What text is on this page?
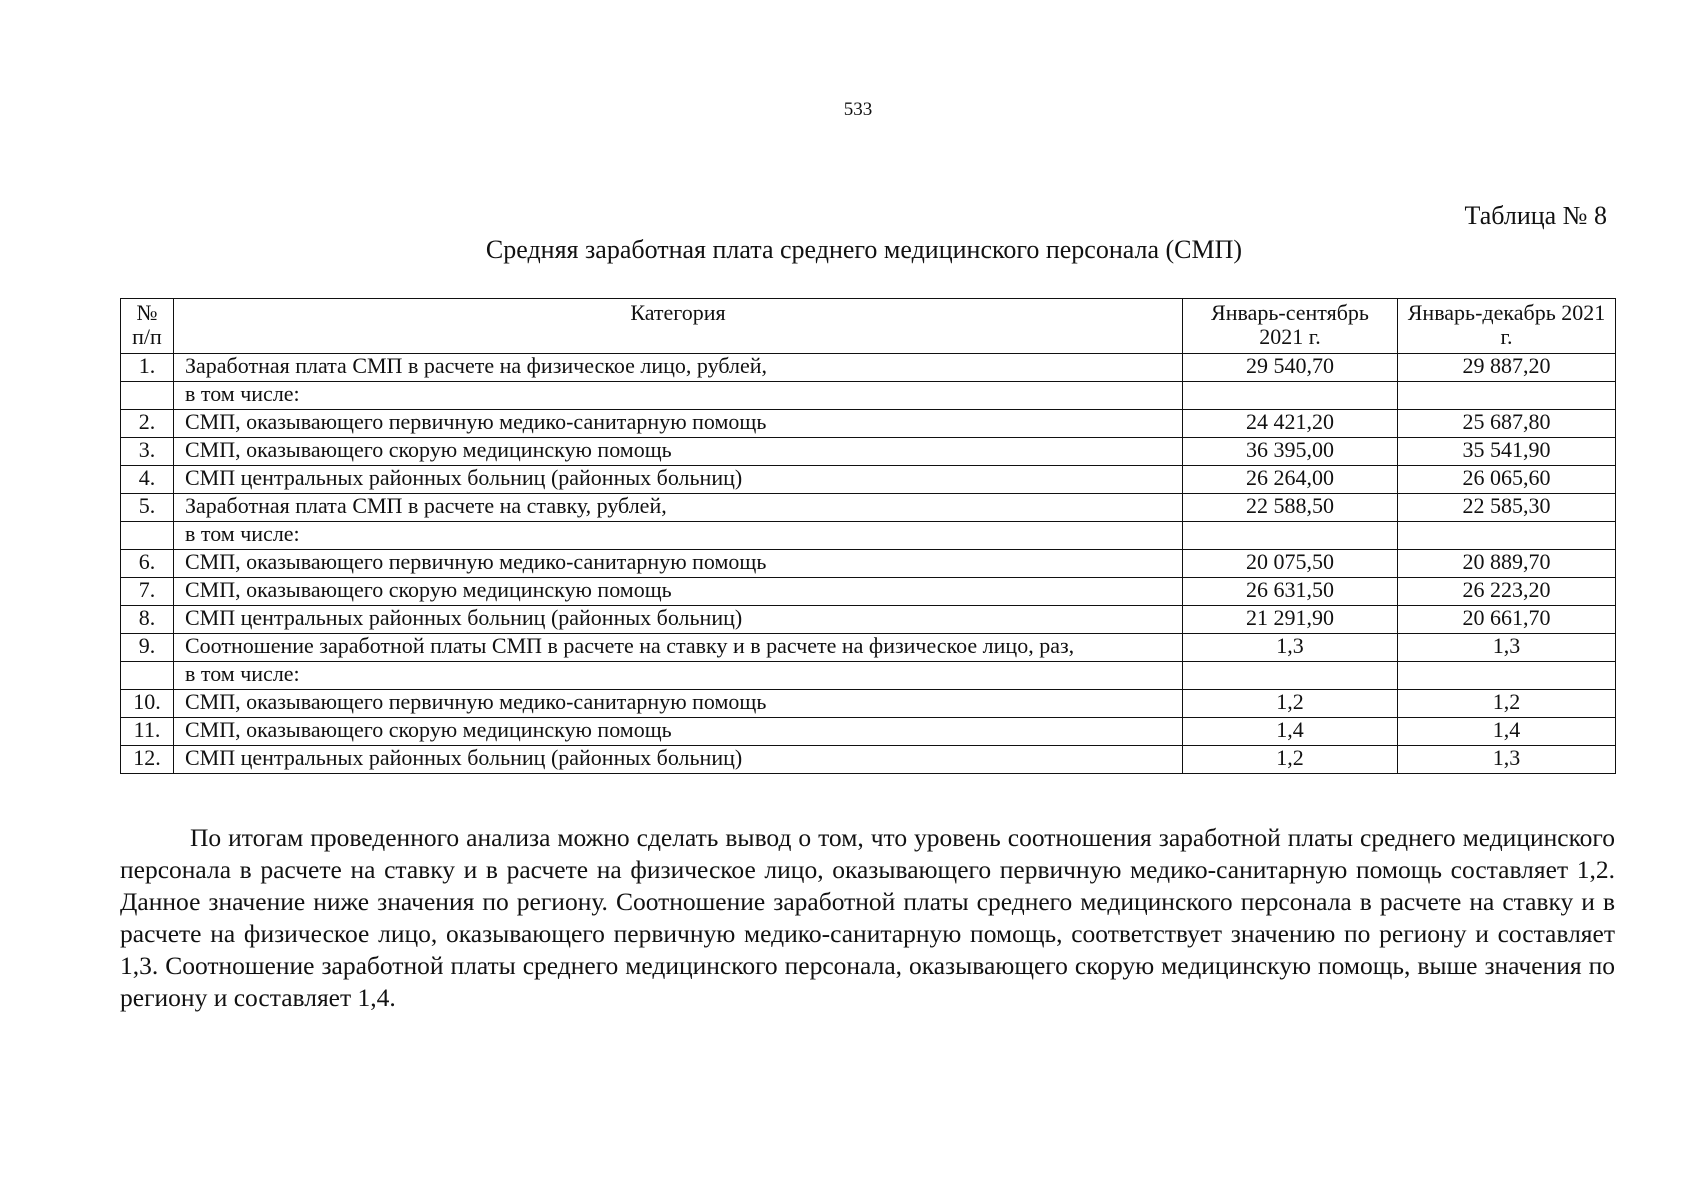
533
Таблица № 8
Средняя заработная плата среднего медицинского персонала (СМП)
№ п/п	Категория	Январь-сентябрь 2021 г.	Январь-декабрь 2021 г.
1.	Заработная плата СМП в расчете на физическое лицо, рублей,	29 540,70	29 887,20
	в том числе:		
2.	СМП, оказывающего первичную медико-санитарную помощь	24 421,20	25 687,80
3.	СМП, оказывающего скорую медицинскую помощь	36 395,00	35 541,90
4.	СМП центральных районных больниц (районных больниц)	26 264,00	26 065,60
5.	Заработная плата СМП в расчете на ставку, рублей,	22 588,50	22 585,30
	в том числе:		
6.	СМП, оказывающего первичную медико-санитарную помощь	20 075,50	20 889,70
7.	СМП, оказывающего скорую медицинскую помощь	26 631,50	26 223,20
8.	СМП центральных районных больниц (районных больниц)	21 291,90	20 661,70
9.	Соотношение заработной платы СМП в расчете на ставку и в расчете на физическое лицо, раз,	1,3	1,3
	в том числе:		
10.	СМП, оказывающего первичную медико-санитарную помощь	1,2	1,2
11.	СМП, оказывающего скорую медицинскую помощь	1,4	1,4
12.	СМП центральных районных больниц (районных больниц)	1,2	1,3
По итогам проведенного анализа можно сделать вывод о том, что уровень соотношения заработной платы среднего медицинского персонала в расчете на ставку и в расчете на физическое лицо, оказывающего первичную медико-санитарную помощь составляет 1,2. Данное значение ниже значения по региону. Соотношение заработной платы среднего медицинского персонала в расчете на ставку и в расчете на физическое лицо, оказывающего первичную медико-санитарную помощь, соответствует значению по региону и составляет 1,3. Соотношение заработной платы среднего медицинского персонала, оказывающего скорую медицинскую помощь, выше значения по региону и составляет 1,4.
